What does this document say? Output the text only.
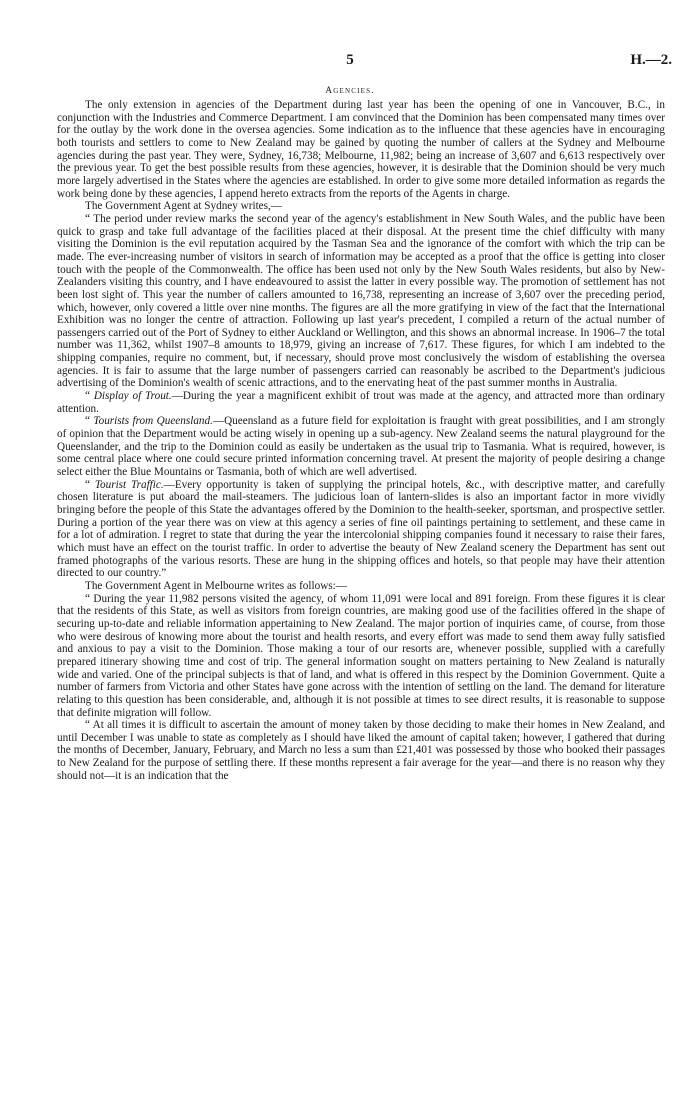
5	H.—2.
Agencies.

The only extension in agencies of the Department during last year has been the opening of one in Vancouver, B.C., in conjunction with the Industries and Commerce Department. I am convinced that the Dominion has been compensated many times over for the outlay by the work done in the oversea agencies. Some indication as to the influence that these agencies have in encouraging both tourists and settlers to come to New Zealand may be gained by quoting the number of callers at the Sydney and Melbourne agencies during the past year. They were, Sydney, 16,738; Melbourne, 11,982; being an increase of 3,607 and 6,613 respectively over the previous year. To get the best possible results from these agencies, however, it is desirable that the Dominion should be very much more largely advertised in the States where the agencies are established. In order to give some more detailed information as regards the work being done by these agencies, I append hereto extracts from the reports of the Agents in charge.

The Government Agent at Sydney writes,—

“ The period under review marks the second year of the agency's establishment in New South Wales, and the public have been quick to grasp and take full advantage of the facilities placed at their disposal. At the present time the chief difficulty with many visiting the Dominion is the evil reputation acquired by the Tasman Sea and the ignorance of the comfort with which the trip can be made. The ever-increasing number of visitors in search of information may be accepted as a proof that the office is getting into closer touch with the people of the Commonwealth. The office has been used not only by the New South Wales residents, but also by New-Zealanders visiting this country, and I have endeavoured to assist the latter in every possible way. The promotion of settlement has not been lost sight of. This year the number of callers amounted to 16,738, representing an increase of 3,607 over the preceding period, which, however, only covered a little over nine months. The figures are all the more gratifying in view of the fact that the International Exhibition was no longer the centre of attraction. Following up last year's precedent, I compiled a return of the actual number of passengers carried out of the Port of Sydney to either Auckland or Wellington, and this shows an abnormal increase. In 1906–7 the total number was 11,362, whilst 1907–8 amounts to 18,979, giving an increase of 7,617. These figures, for which I am indebted to the shipping companies, require no comment, but, if necessary, should prove most conclusively the wisdom of establishing the oversea agencies. It is fair to assume that the large number of passengers carried can reasonably be ascribed to the Department's judicious advertising of the Dominion's wealth of scenic attractions, and to the enervating heat of the past summer months in Australia.

“ Display of Trout.—During the year a magnificent exhibit of trout was made at the agency, and attracted more than ordinary attention.

“ Tourists from Queensland.—Queensland as a future field for exploitation is fraught with great possibilities, and I am strongly of opinion that the Department would be acting wisely in opening up a sub-agency. New Zealand seems the natural playground for the Queenslander, and the trip to the Dominion could as easily be undertaken as the usual trip to Tasmania. What is required, however, is some central place where one could secure printed information concerning travel. At present the majority of people desiring a change select either the Blue Mountains or Tasmania, both of which are well advertised.

“ Tourist Traffic.—Every opportunity is taken of supplying the principal hotels, &c., with descriptive matter, and carefully chosen literature is put aboard the mail-steamers. The judicious loan of lantern-slides is also an important factor in more vividly bringing before the people of this State the advantages offered by the Dominion to the health-seeker, sportsman, and prospective settler. During a portion of the year there was on view at this agency a series of fine oil paintings pertaining to settlement, and these came in for a lot of admiration. I regret to state that during the year the intercolonial shipping companies found it necessary to raise their fares, which must have an effect on the tourist traffic. In order to advertise the beauty of New Zealand scenery the Department has sent out framed photographs of the various resorts. These are hung in the shipping offices and hotels, so that people may have their attention directed to our country.”

The Government Agent in Melbourne writes as follows:—

“ During the year 11,982 persons visited the agency, of whom 11,091 were local and 891 foreign. From these figures it is clear that the residents of this State, as well as visitors from foreign countries, are making good use of the facilities offered in the shape of securing up-to-date and reliable information appertaining to New Zealand. The major portion of inquiries came, of course, from those who were desirous of knowing more about the tourist and health resorts, and every effort was made to send them away fully satisfied and anxious to pay a visit to the Dominion. Those making a tour of our resorts are, whenever possible, supplied with a carefully prepared itinerary showing time and cost of trip. The general information sought on matters pertaining to New Zealand is naturally wide and varied. One of the principal subjects is that of land, and what is offered in this respect by the Dominion Government. Quite a number of farmers from Victoria and other States have gone across with the intention of settling on the land. The demand for literature relating to this question has been considerable, and, although it is not possible at times to see direct results, it is reasonable to suppose that definite migration will follow.

“ At all times it is difficult to ascertain the amount of money taken by those deciding to make their homes in New Zealand, and until December I was unable to state as completely as I should have liked the amount of capital taken; however, I gathered that during the months of December, January, February, and March no less a sum than £21,401 was possessed by those who booked their passages to New Zealand for the purpose of settling there. If these months represent a fair average for the year—and there is no reason why they should not—it is an indication that the
